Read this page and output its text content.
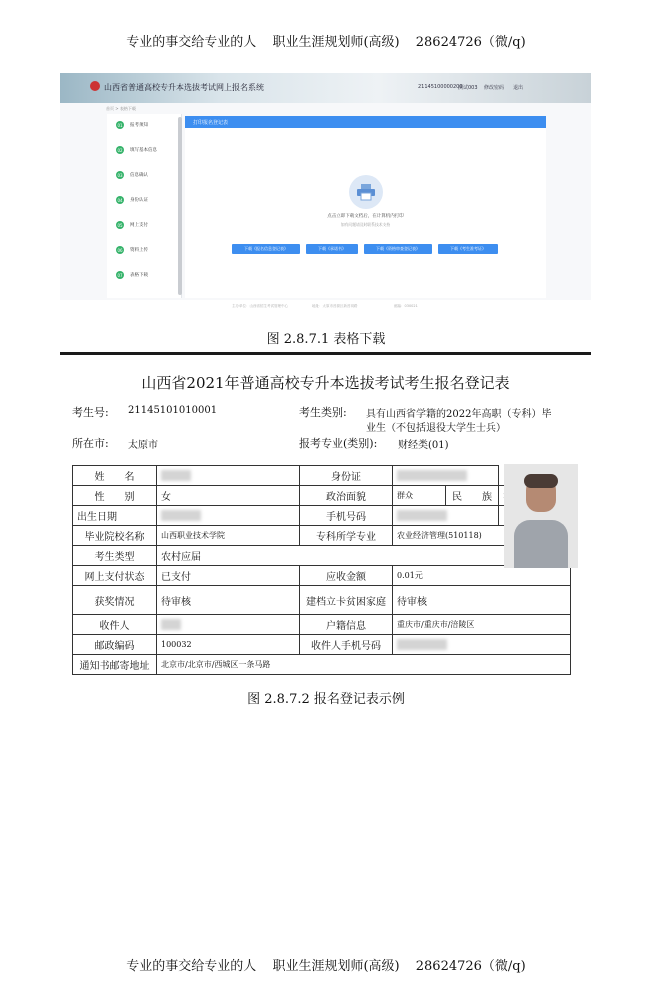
专业的事交给专业的人 职业生涯规划师(高级) 28624726（微/q)
山西省普通高校专升本选拔考试网上报名系统	21145100000200
测试003 修改密码 退出
首页 > 表格下载
01	报考须知
02	填写基本信息
03	信息确认
04	身份认证
05	网上支付
06	资料上传
07	表格下载
打印报名登记表
点击立即下载文档后，在计算机内打印
如有问题请及时联系技术支持
下载《报名信息登记表》	下载《承诺书》	下载《资格审查登记表》	下载《考生准考证》
主办单位：山西省招生考试管理中心	地址：太原市晋源区新晋祠路	邮编：030021
图 2.8.7.1 表格下载
山西省2021年普通高校专升本选拔考试考生报名登记表
考生号: 21145101010001	考生类别: 具有山西省学籍的2022年高职（专科）毕
业生（不包括退役大学生士兵）
所在市: 太原市	报考专业(类别): 财经类(01)
姓　　名		身份证			
性　　别	女	政治面貌	群众	民　　族	
出生日期		手机号码			
毕业院校名称	山西职业技术学院	专科所学专业	农业经济管理(510118)		
考生类型	农村应届				
网上支付状态	已支付	应收金额	0.01元		
获奖情况	待审核	建档立卡贫困家庭	待审核		
收件人		户籍信息	重庆市/重庆市/涪陵区		
邮政编码	100032	收件人手机号码			
通知书邮寄地址	北京市/北京市/西城区一条马路				
图 2.8.7.2 报名登记表示例
专业的事交给专业的人 职业生涯规划师(高级) 28624726（微/q)
